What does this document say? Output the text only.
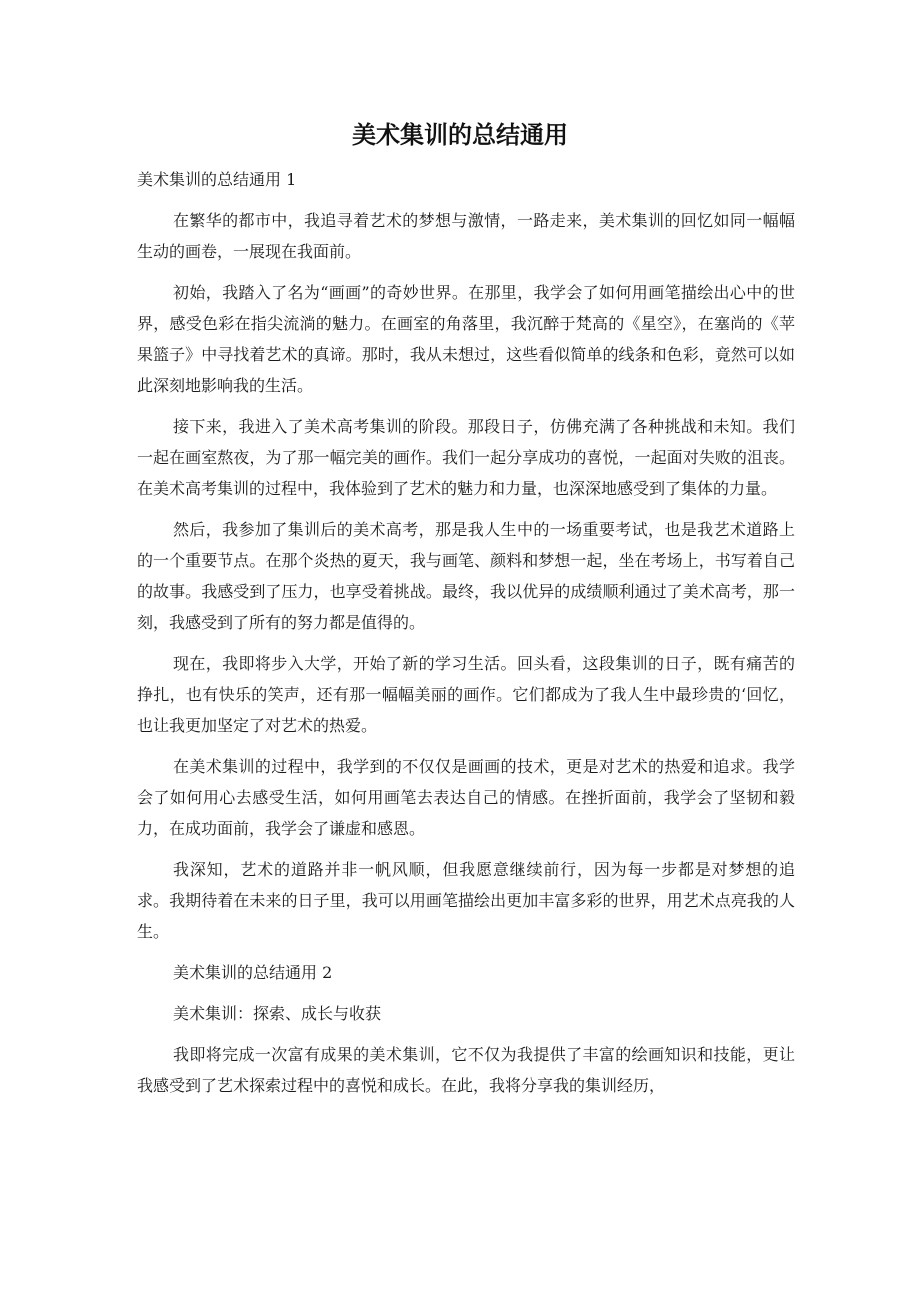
美术集训的总结通用

美术集训的总结通用 1

在繁华的都市中，我追寻着艺术的梦想与激情，一路走来，美术集训的回忆如同一幅幅生动的画卷，一展现在我面前。

初始，我踏入了名为“画画”的奇妙世界。在那里，我学会了如何用画笔描绘出心中的世界，感受色彩在指尖流淌的魅力。在画室的角落里，我沉醉于梵高的《星空》，在塞尚的《苹果篮子》中寻找着艺术的真谛。那时，我从未想过，这些看似简单的线条和色彩，竟然可以如此深刻地影响我的生活。

接下来，我进入了美术高考集训的阶段。那段日子，仿佛充满了各种挑战和未知。我们一起在画室熬夜，为了那一幅完美的画作。我们一起分享成功的喜悦，一起面对失败的沮丧。在美术高考集训的过程中，我体验到了艺术的魅力和力量，也深深地感受到了集体的力量。

然后，我参加了集训后的美术高考，那是我人生中的一场重要考试，也是我艺术道路上的一个重要节点。在那个炎热的夏天，我与画笔、颜料和梦想一起，坐在考场上，书写着自己的故事。我感受到了压力，也享受着挑战。最终，我以优异的成绩顺利通过了美术高考，那一刻，我感受到了所有的努力都是值得的。

现在，我即将步入大学，开始了新的学习生活。回头看，这段集训的日子，既有痛苦的挣扎，也有快乐的笑声，还有那一幅幅美丽的画作。它们都成为了我人生中最珍贵的‘回忆，也让我更加坚定了对艺术的热爱。

在美术集训的过程中，我学到的不仅仅是画画的技术，更是对艺术的热爱和追求。我学会了如何用心去感受生活，如何用画笔去表达自己的情感。在挫折面前，我学会了坚韧和毅力，在成功面前，我学会了谦虚和感恩。

我深知，艺术的道路并非一帆风顺，但我愿意继续前行，因为每一步都是对梦想的追求。我期待着在未来的日子里，我可以用画笔描绘出更加丰富多彩的世界，用艺术点亮我的人生。

美术集训的总结通用 2

美术集训：探索、成长与收获

我即将完成一次富有成果的美术集训，它不仅为我提供了丰富的绘画知识和技能，更让我感受到了艺术探索过程中的喜悦和成长。在此，我将分享我的集训经历，
